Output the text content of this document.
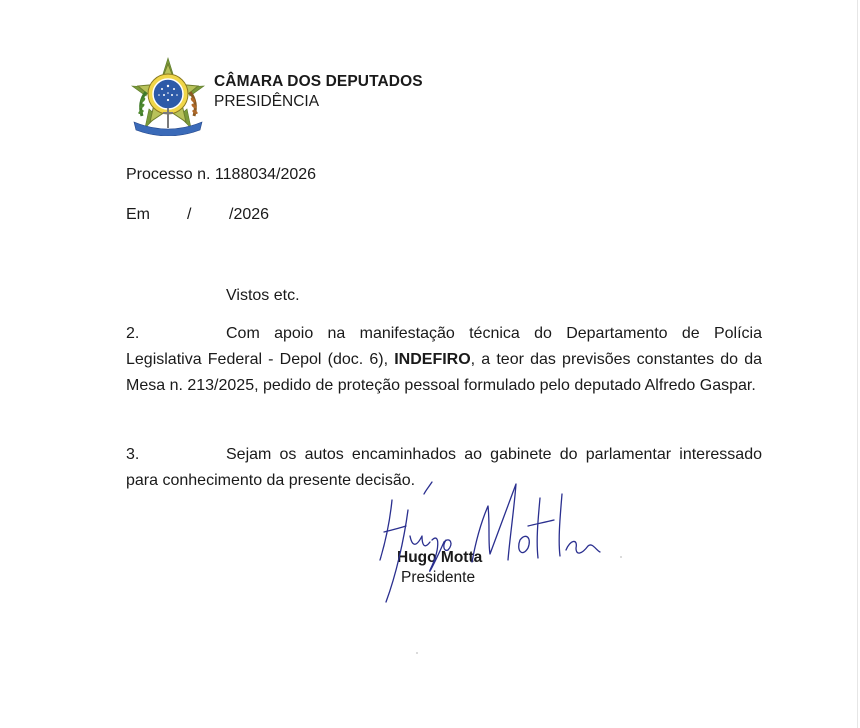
CÂMARA DOS DEPUTADOS
PRESIDÊNCIA
Processo n. 1188034/2026
Em / /2026
Vistos etc.
2.	Com apoio na manifestação técnica do Departamento de Polícia Legislativa Federal - Depol (doc. 6), INDEFIRO, a teor das previsões constantes do da Mesa n. 213/2025, pedido de proteção pessoal formulado pelo deputado Alfredo Gaspar.
3.	Sejam os autos encaminhados ao gabinete do parlamentar interessado para conhecimento da presente decisão.
Hugo Motta
Presidente
